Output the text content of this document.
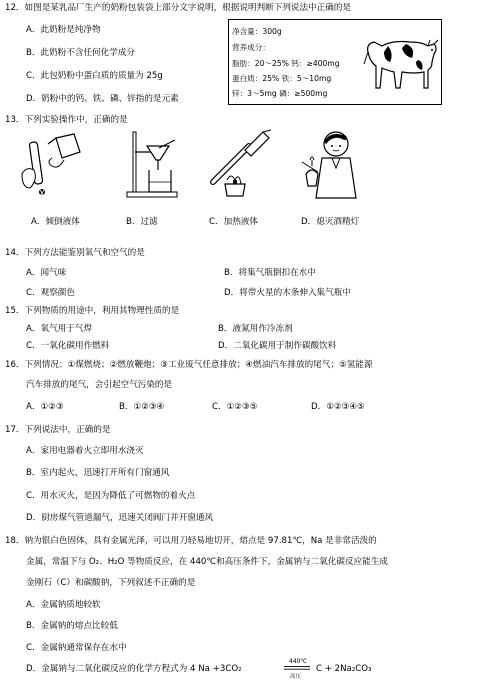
12．如图是某乳品厂生产的奶粉包装袋上部分文字说明，根据说明判断下列说法中正确的是
A．此奶粉是纯净物
B．此奶粉不含任何化学成分
C．此包奶粉中蛋白质的质量为 25g
D．奶粉中的钙、铁、磷、锌指的是元素
净含量：300g
营养成分：
脂肪：20～25% 钙：≥400mg
蛋白质：25% 铁：5～10mg
锌：3～5mg 磷：≥500mg
13．下列实验操作中，正确的是
A．倾倒液体	B．过滤	C．加热液体	D．熄灭酒精灯
14．下列方法能鉴别氧气和空气的是
A．闻气味	B．将集气瓶倒扣在水中
C．观察颜色	D．将带火星的木条伸入集气瓶中
15．下列物质的用途中，利用其物理性质的是
A．氧气用于气焊	B．液氮用作冷冻剂
C．一氧化碳用作燃料	D．二氧化碳用于制作碳酸饮料
16．下列情况：①煤燃烧；②燃放鞭炮；③工业废气任意排放；④燃油汽车排放的尾气；⑤氢能源
汽车排放的尾气，会引起空气污染的是
A．①②③	B．①②③④	C．①②③⑤	D．①②③④⑤
17．下列说法中，正确的是
A．家用电器着火立即用水浇灭
B．室内起火，迅速打开所有门窗通风
C．用水灭火，是因为降低了可燃物的着火点
D．厨房煤气管道漏气，迅速关闭阀门并开窗通风
18．钠为银白色固体，具有金属光泽，可以用刀轻易地切开，熔点是 97.81℃，Na 是非常活泼的
金属，常温下与 O₂、H₂O 等物质反应，在 440℃和高压条件下，金属钠与二氧化碳反应能生成
金刚石（C）和碳酸钠，下列叙述不正确的是
A．金属钠质地较软
B．金属钠的熔点比较低
C．金属钠通常保存在水中
D．金属钠与二氧化碳反应的化学方程式为 4 Na +3CO₂
440℃
高压
C + 2Na₂CO₃
